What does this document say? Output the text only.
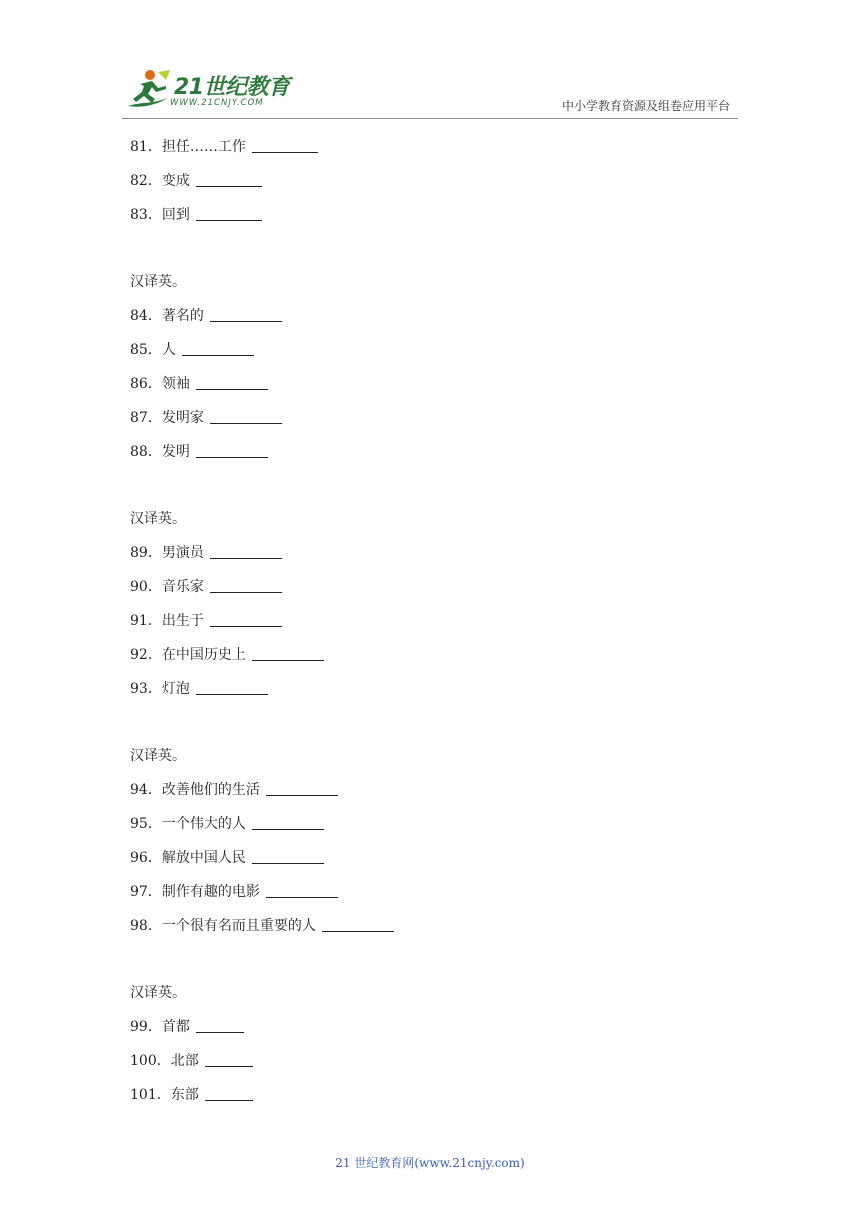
21世纪教育
WWW.21CNJY.COM	中小学教育资源及组卷应用平台
81．担任……工作
82．变成
83．回到
汉译英。
84．著名的
85．人
86．领袖
87．发明家
88．发明
汉译英。
89．男演员
90．音乐家
91．出生于
92．在中国历史上
93．灯泡
汉译英。
94．改善他们的生活
95．一个伟大的人
96．解放中国人民
97．制作有趣的电影
98．一个很有名而且重要的人
汉译英。
99．首都
100．北部
101．东部
21 世纪教育网(www.21cnjy.com)
